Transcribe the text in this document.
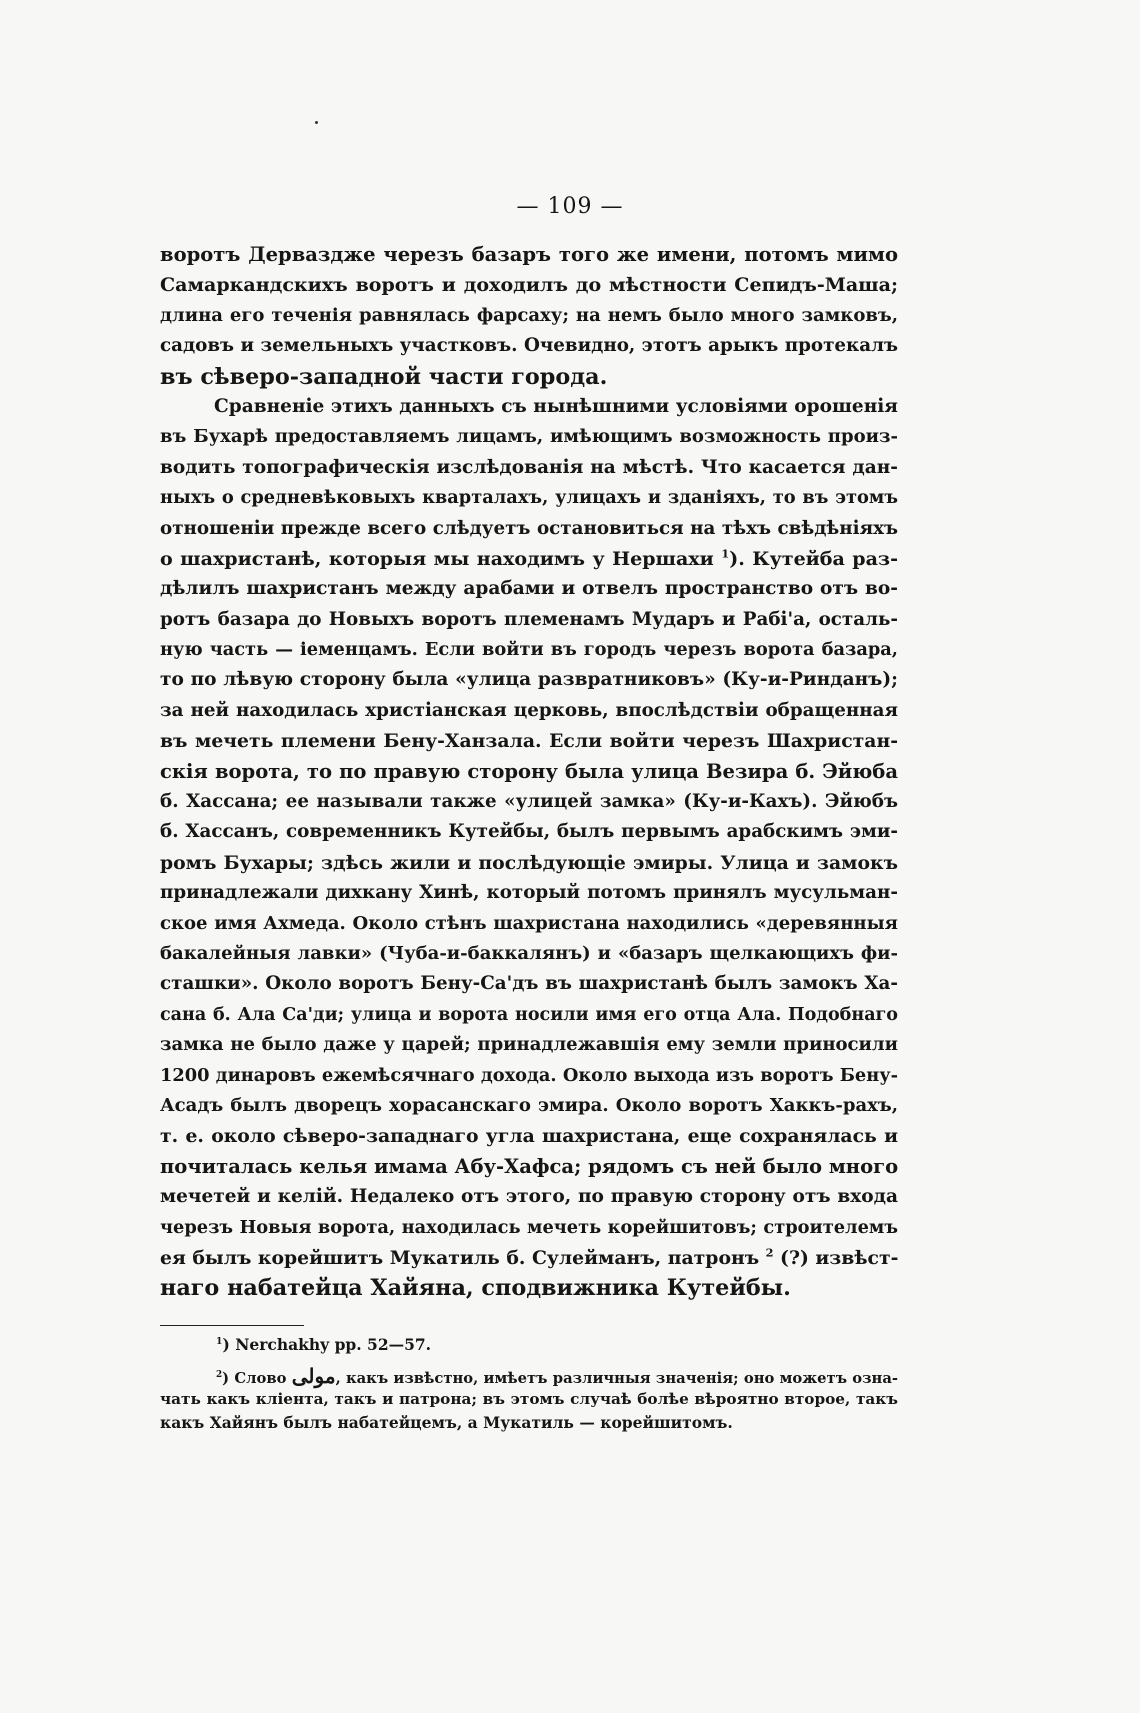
— 109 —
воротъ Дервазджe черезъ базаръ того же имени, потомъ мимо
Самаркандскихъ воротъ и доходилъ до мѣстности Сепидъ-Маша;
длина его теченія равнялась фарсаху; на немъ было много замковъ,
садовъ и земельныхъ участковъ. Очевидно, этотъ арыкъ протекалъ
въ сѣверо-западной части города.
Сравненіе этихъ данныхъ съ нынѣшними условіями орошенія
въ Бухарѣ предоставляемъ лицамъ, имѣющимъ возможность произ-
водить топографическія изслѣдованія на мѣстѣ. Что касается дан-
ныхъ о средневѣковыхъ кварталахъ, улицахъ и зданіяхъ, то въ этомъ
отношеніи прежде всего слѣдуетъ остановиться на тѣхъ свѣдѣніяхъ
о шахристанѣ, которыя мы находимъ у Нершахи $^1$). Кутейба раз-
дѣлилъ шахристанъ между арабами и отвелъ пространство отъ во-
ротъ базара до Новыхъ воротъ племенамъ Мударъ и Рабі'а, осталь-
ную часть — іеменцамъ. Если войти въ городъ черезъ ворота базара,
то по лѣвую сторону была «улица развратниковъ» (Ку-и-Ринданъ);
за ней находилась христіанская церковь, впослѣдствіи обращенная
въ мечеть племени Бену-Ханзала. Если войти черезъ Шахристан-
скія ворота, то по правую сторону была улица Везира б. Эйюба
б. Хассана; ее называли также «улицей замка» (Ку-и-Кахъ). Эйюбъ
б. Хассанъ, современникъ Кутейбы, былъ первымъ арабскимъ эми-
ромъ Бухары; здѣсь жили и послѣдующіе эмиры. Улица и замокъ
принадлежали дихкану Хинѣ, который потомъ принялъ мусульман-
ское имя Ахмеда. Около стѣнъ шахристана находились «деревянныя
бакалейныя лавки» (Чуба-и-баккалянъ) и «базаръ щелкающихъ фи-
сташки». Около воротъ Бену-Са'дъ въ шахристанѣ былъ замокъ Ха-
сана б. Ала Са'ди; улица и ворота носили имя его отца Ала. Подобнаго
замка не было даже у царей; принадлежавшія ему земли приносили
1200 динаровъ ежемѣсячнаго дохода. Около выхода изъ воротъ Бену-
Асадъ былъ дворецъ хорасанскаго эмира. Около воротъ Хаккъ-рахъ,
т. е. около сѣверо-западнаго угла шахристана, еще сохранялась и
почиталась келья имама Абу-Хафса; рядомъ съ ней было много
мечетей и келій. Недалеко отъ этого, по правую сторону отъ входа
черезъ Новыя ворота, находилась мечеть корейшитовъ; строителемъ
ея былъ корейшитъ Мукатиль б. Сулейманъ, патронъ $^2$ (?) извѣст-
наго набатейца Хайяна, сподвижника Кутейбы.
$^1$) Nerchakhy pp. 52—57.
$^2$) Слово مولى, какъ извѣстно, имѣетъ различныя значенія; оно можетъ озна-
чать какъ кліента, такъ и патрона; въ этомъ случаѣ болѣе вѣроятно второе, такъ
какъ Хайянъ былъ набатейцемъ, а Мукатиль — корейшитомъ.
